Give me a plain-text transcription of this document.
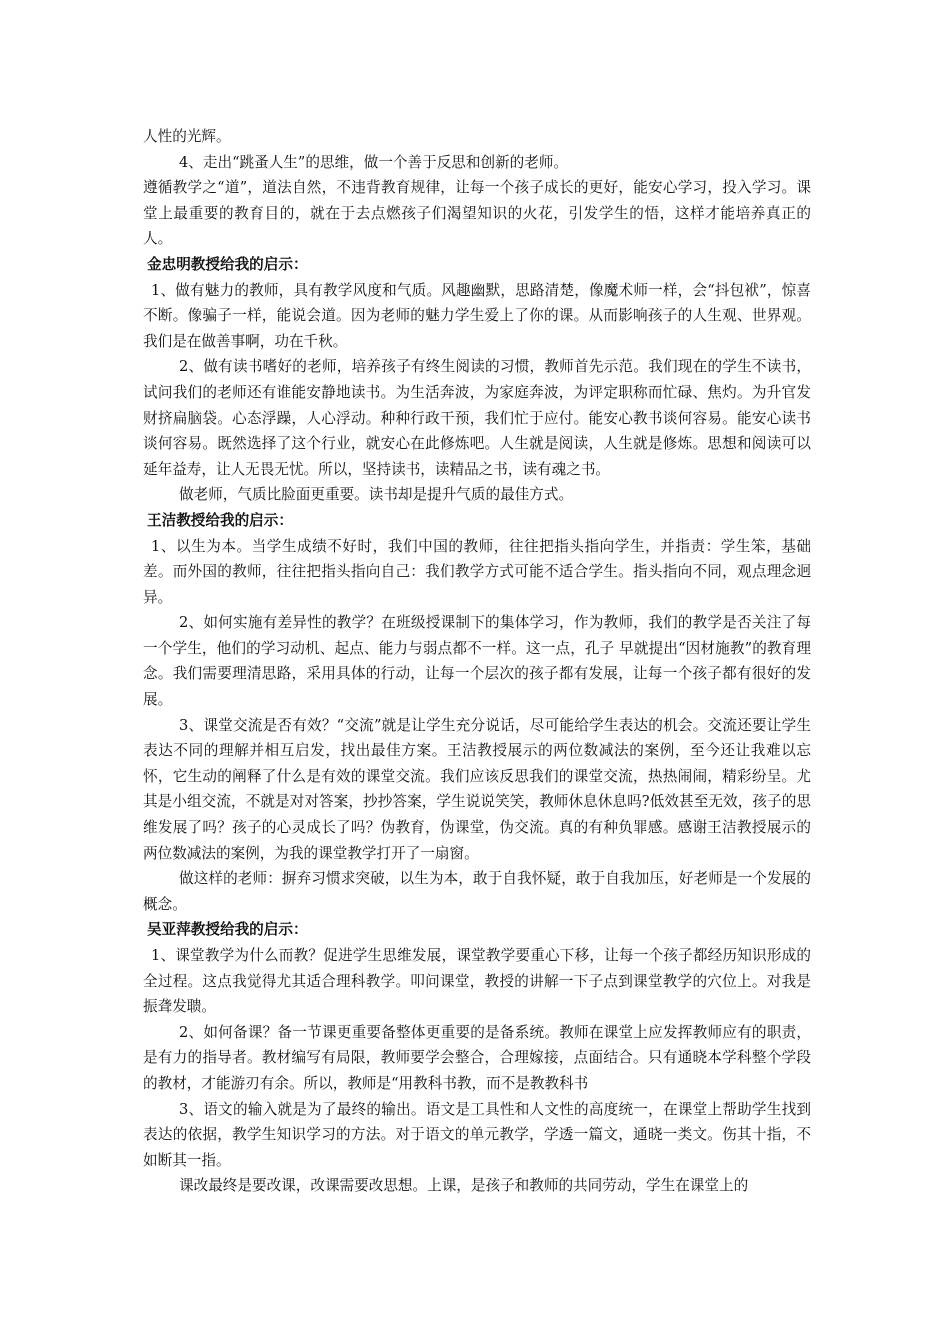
人性的光辉。
4、走出“跳蚤人生”的思维，做一个善于反思和创新的老师。
遵循教学之“道”，道法自然，不违背教育规律，让每一个孩子成长的更好，能安心学习，投入学习。课堂上最重要的教育目的，就在于去点燃孩子们渴望知识的火花，引发学生的悟，这样才能培养真正的人。
金忠明教授给我的启示：
1、做有魅力的教师，具有教学风度和气质。风趣幽默，思路清楚，像魔术师一样，会“抖包袱”，惊喜不断。像骗子一样，能说会道。因为老师的魅力学生爱上了你的课。从而影响孩子的人生观、世界观。我们是在做善事啊，功在千秋。
2、做有读书嗜好的老师，培养孩子有终生阅读的习惯，教师首先示范。我们现在的学生不读书，试问我们的老师还有谁能安静地读书。为生活奔波，为家庭奔波，为评定职称而忙碌、焦灼。为升官发财挤扁脑袋。心态浮躁，人心浮动。种种行政干预，我们忙于应付。能安心教书谈何容易。能安心读书谈何容易。既然选择了这个行业，就安心在此修炼吧。人生就是阅读，人生就是修炼。思想和阅读可以延年益寿，让人无畏无忧。所以，坚持读书，读精品之书，读有魂之书。
做老师，气质比脸面更重要。读书却是提升气质的最佳方式。
王洁教授给我的启示：
1、以生为本。当学生成绩不好时，我们中国的教师，往往把指头指向学生，并指责：学生笨，基础差。而外国的教师，往往把指头指向自己：我们教学方式可能不适合学生。指头指向不同，观点理念迥异。
2、如何实施有差异性的教学？在班级授课制下的集体学习，作为教师，我们的教学是否关注了每一个学生，他们的学习动机、起点、能力与弱点都不一样。这一点，孔子 早就提出“因材施教”的教育理念。我们需要理清思路，采用具体的行动，让每一个层次的孩子都有发展，让每一个孩子都有很好的发展。
3、课堂交流是否有效？“交流”就是让学生充分说话，尽可能给学生表达的机会。交流还要让学生表达不同的理解并相互启发，找出最佳方案。王洁教授展示的两位数减法的案例，至今还让我难以忘怀，它生动的阐释了什么是有效的课堂交流。我们应该反思我们的课堂交流，热热闹闹，精彩纷呈。尤其是小组交流，不就是对对答案，抄抄答案，学生说说笑笑，教师休息休息吗?低效甚至无效，孩子的思维发展了吗？孩子的心灵成长了吗？伪教育，伪课堂，伪交流。真的有种负罪感。感谢王洁教授展示的两位数减法的案例，为我的课堂教学打开了一扇窗。
做这样的老师：摒弃习惯求突破，以生为本，敢于自我怀疑，敢于自我加压，好老师是一个发展的概念。
吴亚萍教授给我的启示：
1、课堂教学为什么而教？促进学生思维发展，课堂教学要重心下移，让每一个孩子都经历知识形成的全过程。这点我觉得尤其适合理科教学。叩问课堂，教授的讲解一下子点到课堂教学的穴位上。对我是振聋发聩。
2、如何备课？备一节课更重要备整体更重要的是备系统。教师在课堂上应发挥教师应有的职责，是有力的指导者。教材编写有局限，教师要学会整合，合理嫁接，点面结合。只有通晓本学科整个学段的教材，才能游刃有余。所以，教师是“用教科书教，而不是教教科书
3、语文的输入就是为了最终的输出。语文是工具性和人文性的高度统一，在课堂上帮助学生找到表达的依据，教学生知识学习的方法。对于语文的单元教学，学透一篇文，通晓一类文。伤其十指，不如断其一指。
课改最终是要改课，改课需要改思想。上课，是孩子和教师的共同劳动，学生在课堂上的
